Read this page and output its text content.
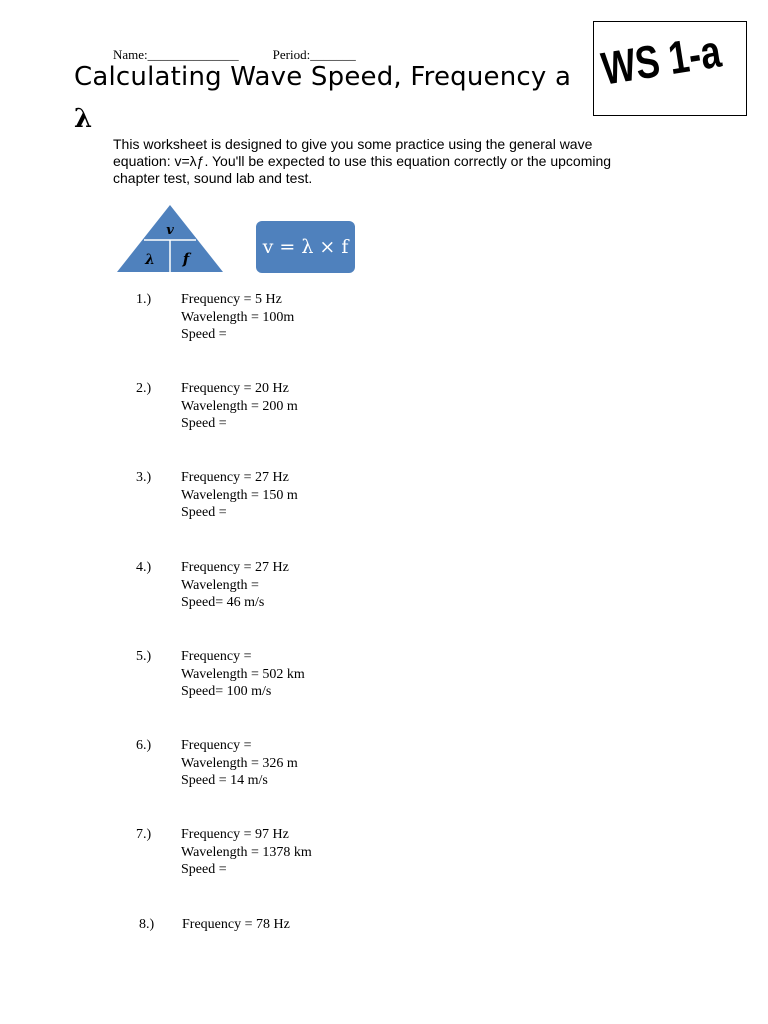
Name:______________	Period:_______
Calculating Wave Speed, Frequency a
λ
WS 1-a
This worksheet is designed to give you some practice using the general wave equation: v=λƒ. You'll be expected to use this equation correctly or the upcoming chapter test, sound lab and test.
v
λ f
v = λ × f
1.) Frequency = 5 Hz
Wavelength = 100m
Speed =
2.) Frequency = 20 Hz
Wavelength = 200 m
Speed =
3.) Frequency = 27 Hz
Wavelength = 150 m
Speed =
4.) Frequency = 27 Hz
Wavelength =
Speed= 46 m/s
5.) Frequency =
Wavelength = 502 km
Speed= 100 m/s
6.) Frequency =
Wavelength = 326 m
Speed = 14 m/s
7.) Frequency = 97 Hz
Wavelength = 1378 km
Speed =
8.) Frequency = 78 Hz
